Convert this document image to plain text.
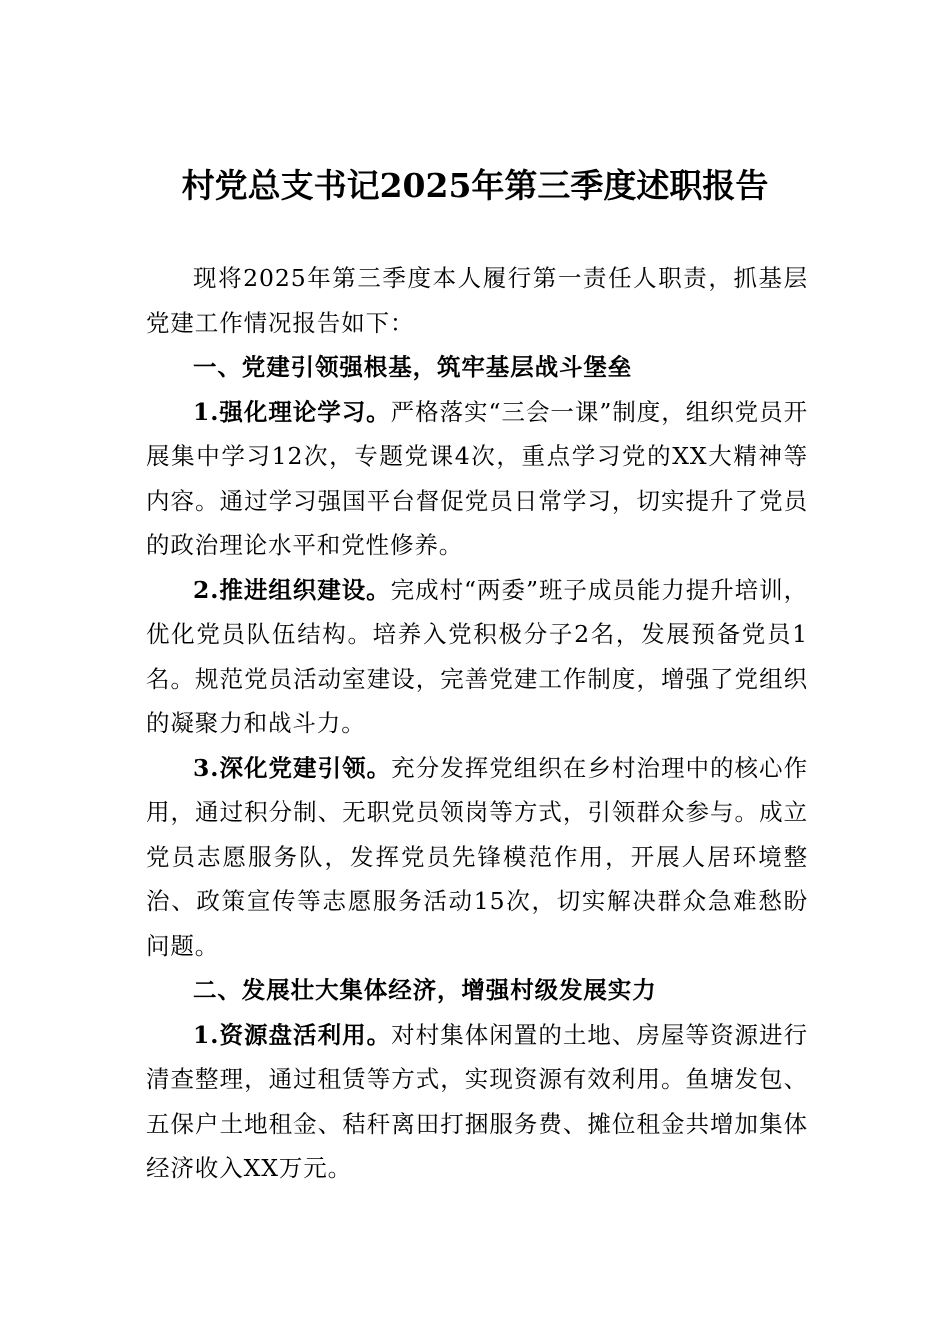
村党总支书记2025年第三季度述职报告

现将2025年第三季度本人履行第一责任人职责，抓基层党建工作情况报告如下：

一、党建引领强根基，筑牢基层战斗堡垒

1.强化理论学习。严格落实“三会一课”制度，组织党员开展集中学习12次，专题党课4次，重点学习党的XX大精神等内容。通过学习强国平台督促党员日常学习，切实提升了党员的政治理论水平和党性修养。

2.推进组织建设。完成村“两委”班子成员能力提升培训，优化党员队伍结构。培养入党积极分子2名，发展预备党员1名。规范党员活动室建设，完善党建工作制度，增强了党组织的凝聚力和战斗力。

3.深化党建引领。充分发挥党组织在乡村治理中的核心作用，通过积分制、无职党员领岗等方式，引领群众参与。成立党员志愿服务队，发挥党员先锋模范作用，开展人居环境整治、政策宣传等志愿服务活动15次，切实解决群众急难愁盼问题。

二、发展壮大集体经济，增强村级发展实力

1.资源盘活利用。对村集体闲置的土地、房屋等资源进行清查整理，通过租赁等方式，实现资源有效利用。鱼塘发包、五保户土地租金、秸秆离田打捆服务费、摊位租金共增加集体经济收入XX万元。
